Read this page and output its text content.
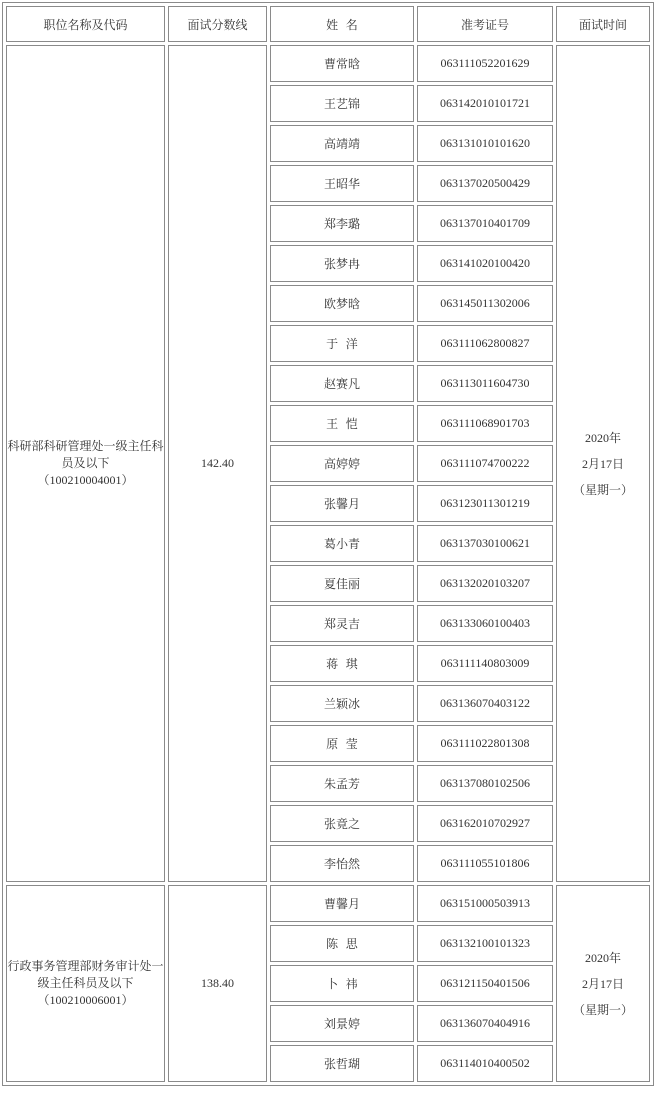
职位名称及代码	面试分数线	姓  名	准考证号	面试时间

科研部科研管理处一级主任科员及以下
（100210004001）	142.40	曹常晗	063111052201629	2020年
2月17日
（星期一）

		王艺锦	063142010101721	
		高靖靖	063131010101620	
		王昭华	063137020500429	
		郑李璐	063137010401709	
		张梦冉	063141020100420	
		欧梦晗	063145011302006	
		于  洋	063111062800827	
		赵赛凡	063113011604730	
		王  恺	063111068901703	
		高婷婷	063111074700222	
		张馨月	063123011301219	
		葛小青	063137030100621	
		夏佳丽	063132020103207	
		郑灵吉	063133060100403	
		蒋  琪	063111140803009	
		兰颖冰	063136070403122	
		原  莹	063111022801308	
		朱孟芳	063137080102506	
		张竟之	063162010702927	
		李怡然	063111055101806	

行政事务管理部财务审计处一级主任科员及以下
（100210006001）	138.40	曹馨月	063151000503913	2020年
2月17日
（星期一）

		陈  思	063132100101323	
		卜  祎	063121150401506	
		刘景婷	063136070404916	
		张哲瑚	063114010400502	
